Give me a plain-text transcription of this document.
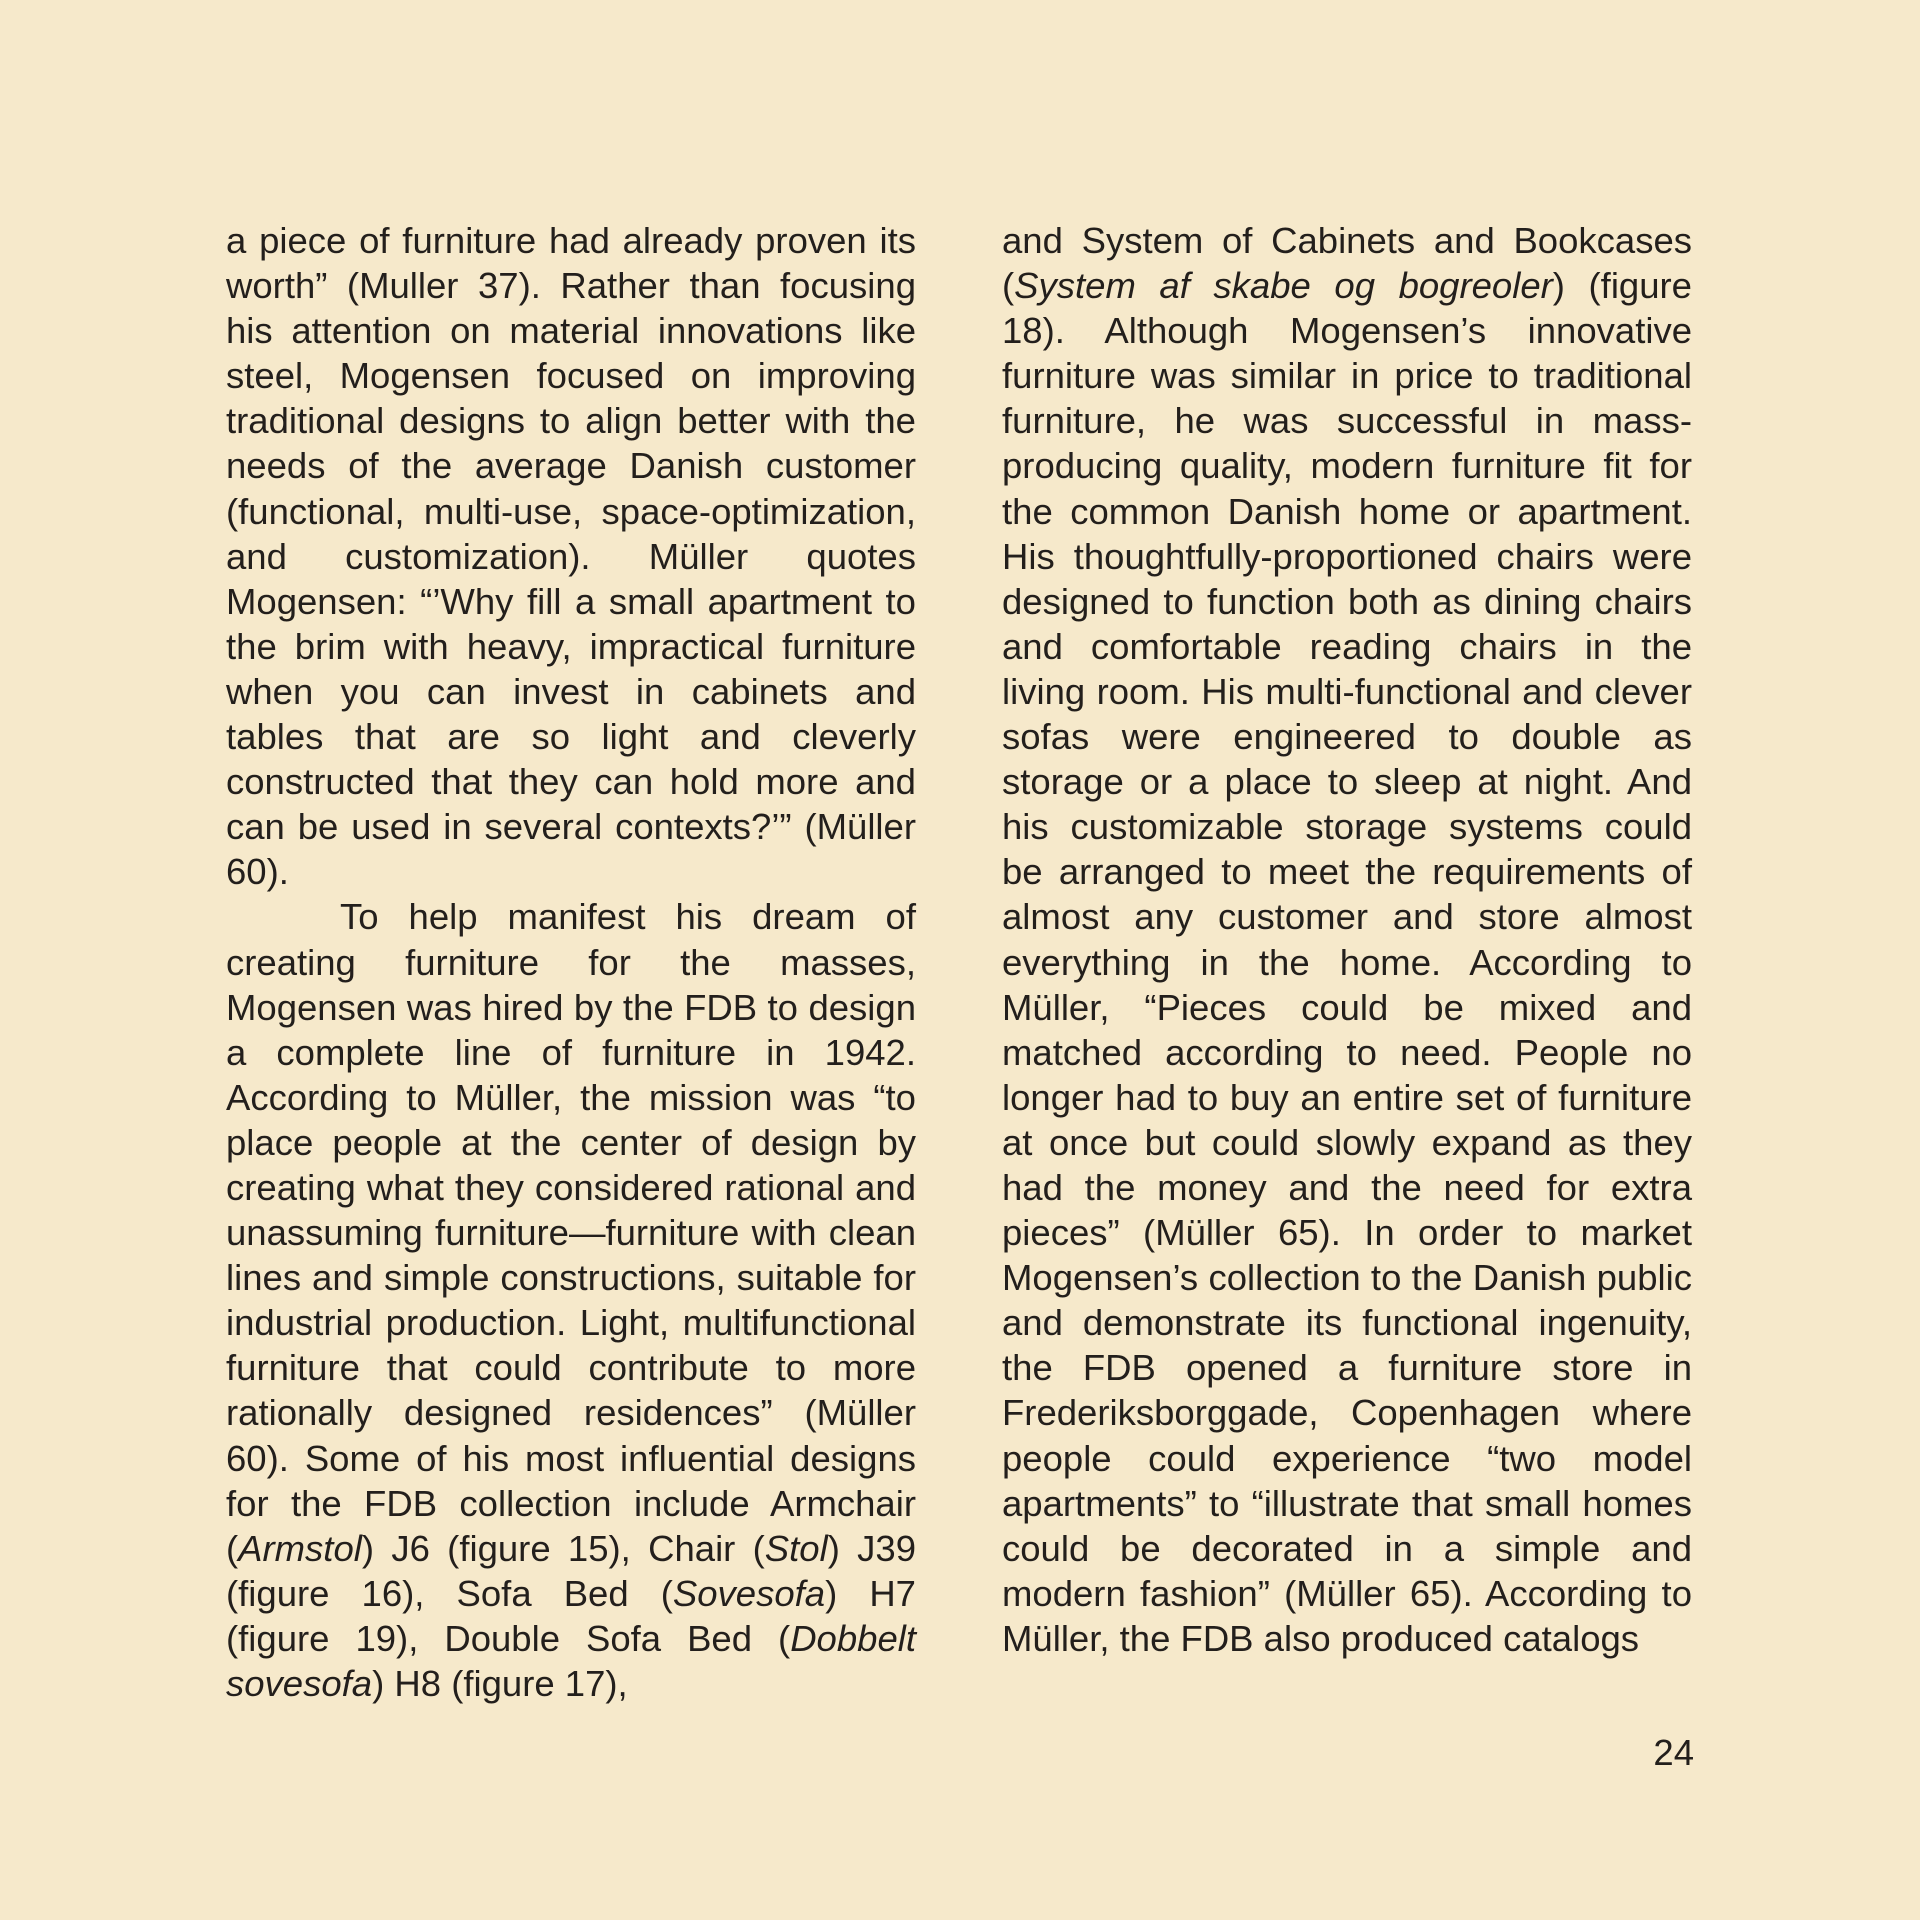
a piece of furniture had already proven its worth” (Muller 37). Rather than focusing his attention on material innovations like steel, Mogensen focused on improving traditional designs to align better with the needs of the average Danish customer (functional, multi-use, space-optimization, and customization). Müller quotes Mogensen: “’Why fill a small apartment to the brim with heavy, impractical furniture when you can invest in cabinets and tables that are so light and cleverly constructed that they can hold more and can be used in several contexts?’” (Müller 60).

To help manifest his dream of creating furniture for the masses, Mogensen was hired by the FDB to design a complete line of furniture in 1942. According to Müller, the mission was “to place people at the center of design by creating what they considered rational and unassuming furniture—furniture with clean lines and simple constructions, suitable for industrial production. Light, multifunctional furniture that could contribute to more rationally designed residences” (Müller 60). Some of his most influential designs for the FDB collection include Armchair (Armstol) J6 (figure 15), Chair (Stol) J39 (figure 16), Sofa Bed (Sovesofa) H7 (figure 19), Double Sofa Bed (Dobbelt sovesofa) H8 (figure 17),

and System of Cabinets and Bookcases (System af skabe og bogreoler) (figure 18). Although Mogensen’s innovative furniture was similar in price to traditional furniture, he was successful in mass-producing quality, modern furniture fit for the common Danish home or apartment. His thoughtfully-proportioned chairs were designed to function both as dining chairs and comfortable reading chairs in the living room. His multi-functional and clever sofas were engineered to double as storage or a place to sleep at night. And his customizable storage systems could be arranged to meet the requirements of almost any customer and store almost everything in the home. According to Müller, “Pieces could be mixed and matched according to need. People no longer had to buy an entire set of furniture at once but could slowly expand as they had the money and the need for extra pieces” (Müller 65). In order to market Mogensen’s collection to the Danish public and demonstrate its functional ingenuity, the FDB opened a furniture store in Frederiksborggade, Copenhagen where people could experience “two model apartments” to “illustrate that small homes could be decorated in a simple and modern fashion” (Müller 65). According to Müller, the FDB also produced catalogs

24
